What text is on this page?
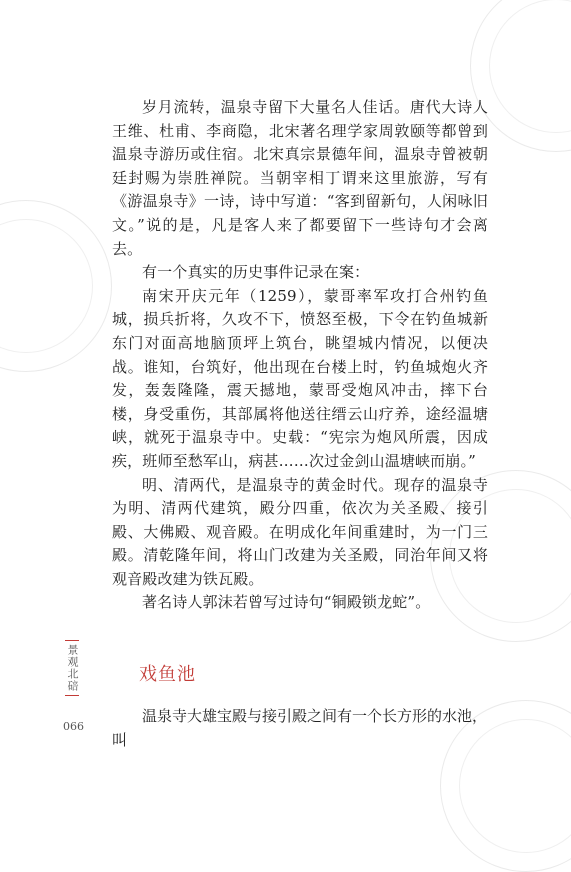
岁月流转，温泉寺留下大量名人佳话。唐代大诗人王维、杜甫、李商隐，北宋著名理学家周敦颐等都曾到温泉寺游历或住宿。北宋真宗景德年间，温泉寺曾被朝廷封赐为崇胜禅院。当朝宰相丁谓来这里旅游，写有《游温泉寺》一诗，诗中写道：“客到留新句，人闲咏旧文。”说的是，凡是客人来了都要留下一些诗句才会离去。

有一个真实的历史事件记录在案：

南宋开庆元年（1259），蒙哥率军攻打合州钓鱼城，损兵折将，久攻不下，愤怒至极，下令在钓鱼城新东门对面高地脑顶坪上筑台，眺望城内情况，以便决战。谁知，台筑好，他出现在台楼上时，钓鱼城炮火齐发，轰轰隆隆，震天撼地，蒙哥受炮风冲击，摔下台楼，身受重伤，其部属将他送往缙云山疗养，途经温塘峡，就死于温泉寺中。史载：“宪宗为炮风所震，因成疾，班师至愁军山，病甚……次过金剑山温塘峡而崩。”

明、清两代，是温泉寺的黄金时代。现存的温泉寺为明、清两代建筑，殿分四重，依次为关圣殿、接引殿、大佛殿、观音殿。在明成化年间重建时，为一门三殿。清乾隆年间，将山门改建为关圣殿，同治年间又将观音殿改建为铁瓦殿。

著名诗人郭沫若曾写过诗句“铜殿锁龙蛇”。

戏鱼池

温泉寺大雄宝殿与接引殿之间有一个长方形的水池，叫

景观北碚
066
